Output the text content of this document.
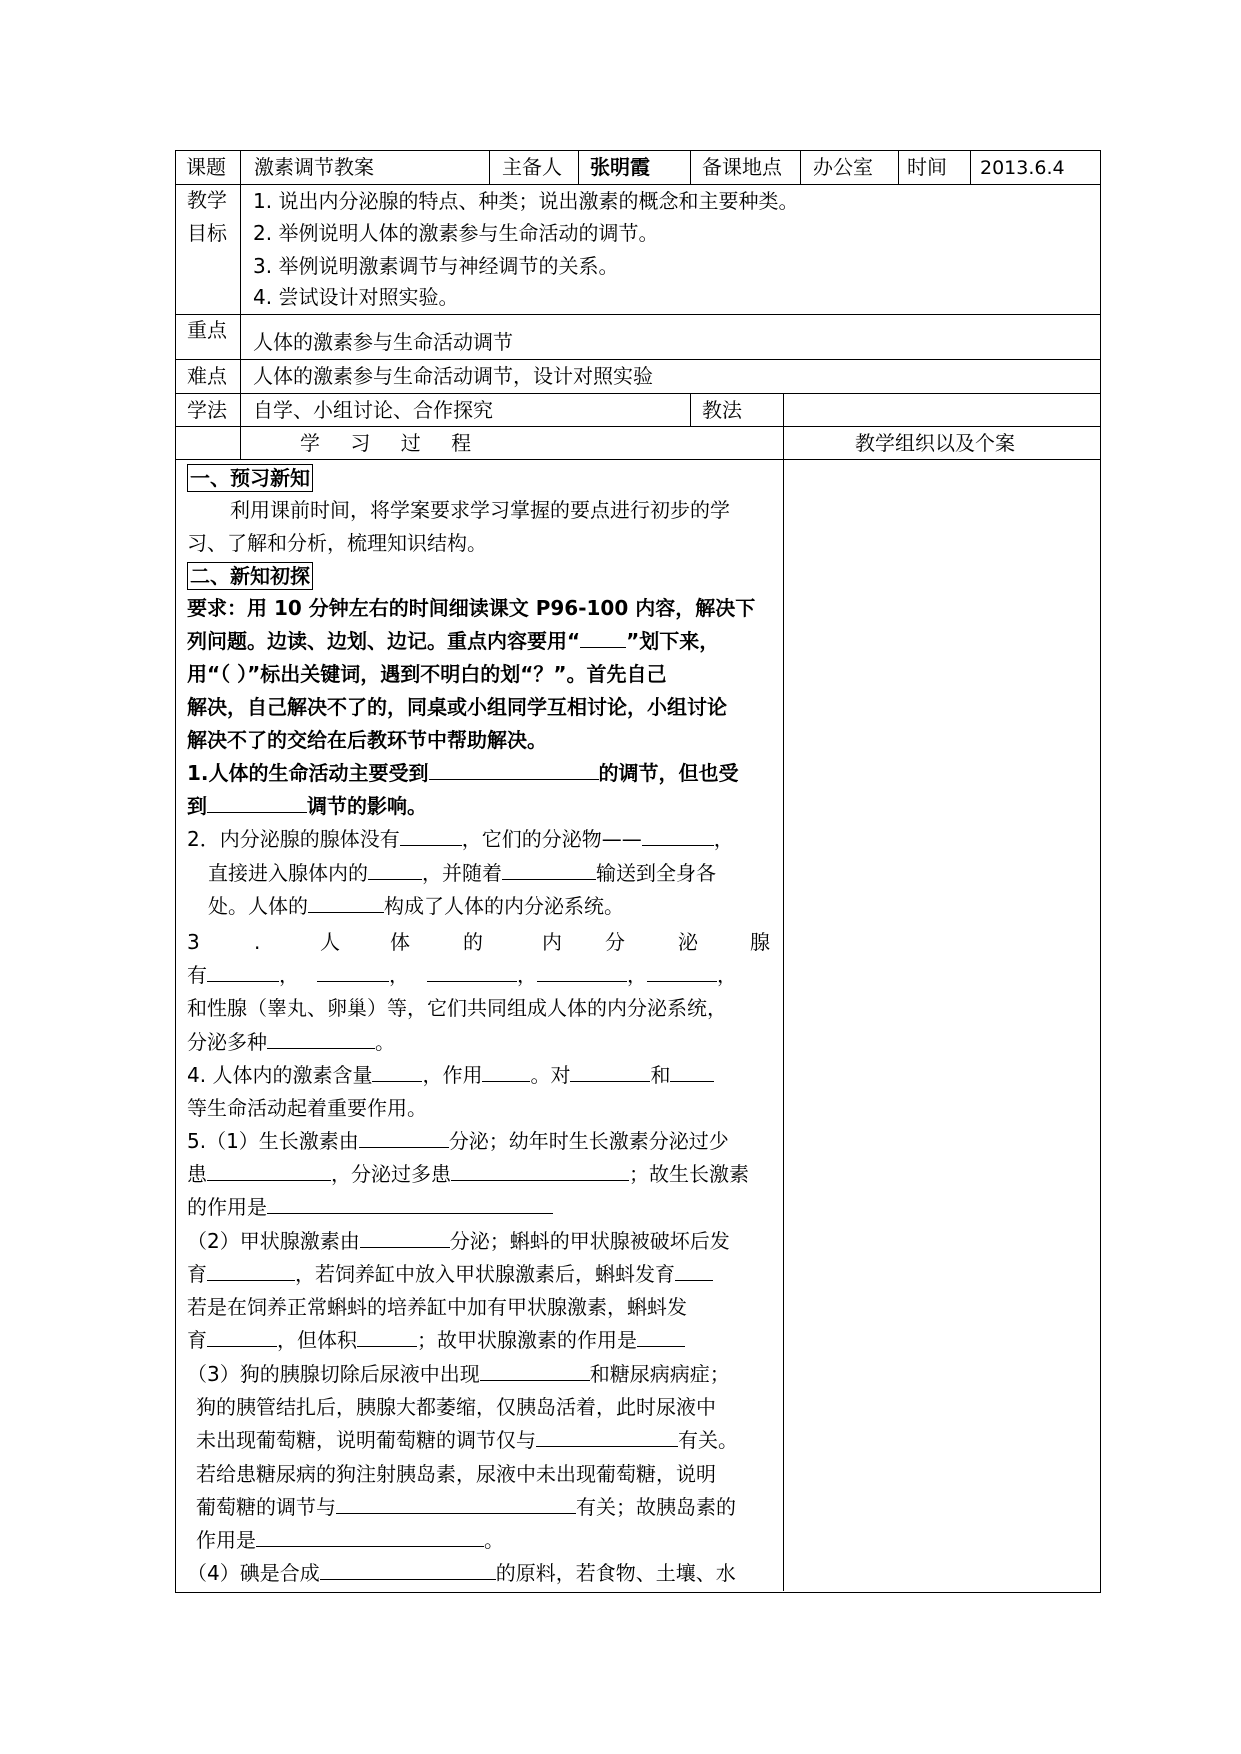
课题 激素调节教案	主备人 张明霞	备课地点 办公室 时间 2013.6.4
教学
目标
1. 说出内分泌腺的特点、种类；说出激素的概念和主要种类。
2. 举例说明人体的激素参与生命活动的调节。
3. 举例说明激素调节与神经调节的关系。
4. 尝试设计对照实验。
重点 人体的激素参与生命活动调节
难点 人体的激素参与生命活动调节，设计对照实验
学法 自学、小组讨论、合作探究	教法
学 习 过 程	教学组织以及个案
一、预习新知
利用课前时间，将学案要求学习掌握的要点进行初步的学
习、了解和分析，梳理知识结构。
二、新知初探
要求：用 10 分钟左右的时间细读课文 P96-100 内容，解决下
列问题。边读、边划、边记。重点内容要用“ ”划下来，
用“（ ）”标出关键词，遇到不明白的划“？”。首先自己
解决，自己解决不了的，同桌或小组同学互相讨论，小组讨论
解决不了的交给在后教环节中帮助解决。
1.人体的生命活动主要受到	的调节，但也受
到	调节的影响。
2．内分泌腺的腺体没有	，它们的分泌物——	，
直接进入腺体内的	，并随着	输送到全身各
处。人体的	构成了人体的内分泌系统。
3	.	人	体	的	内 分	泌	腺
有	，	，	，	，	，
和性腺（睾丸、卵巢）等，它们共同组成人体的内分泌系统，
分泌多种	。
4. 人体内的激素含量	，作用 。对	和
等生命活动起着重要作用。
5.（1）生长激素由	分泌；幼年时生长激素分泌过少
患	，分泌过多患	；故生长激素
的作用是
（2）甲状腺激素由	分泌；蝌蚪的甲状腺被破坏后发
育	，若饲养缸中放入甲状腺激素后，蝌蚪发育
若是在饲养正常蝌蚪的培养缸中加有甲状腺激素，蝌蚪发
育	，但体积	；故甲状腺激素的作用是
（3）狗的胰腺切除后尿液中出现	和糖尿病病症；
狗的胰管结扎后，胰腺大都萎缩，仅胰岛活着，此时尿液中
未出现葡萄糖，说明葡萄糖的调节仅与	有关。
若给患糖尿病的狗注射胰岛素，尿液中未出现葡萄糖，说明
葡萄糖的调节与	有关；故胰岛素的
作用是	。
（4）碘是合成	的原料，若食物、土壤、水
